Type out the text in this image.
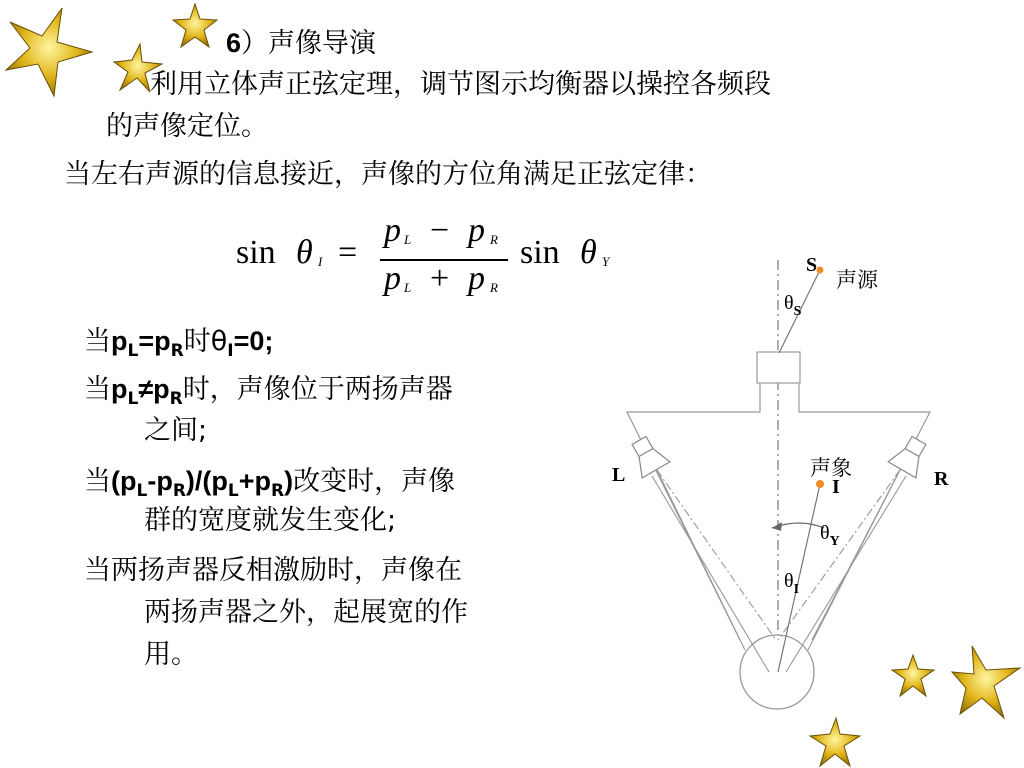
6）声像导演
利用立体声正弦定理，调节图示均衡器以操控各频段
的声像定位。
当左右声源的信息接近，声像的方位角满足正弦定律：
sin θ I =
p L − p R
p L + p R
sin θ Y
当$p_L=p_R$时$\theta_I=0$;
当$p_L\ne p_R$时，声像位于两扬声器
之间;
当$(p_L-p_R)/(p_L+p_R)$改变时，声像
群的宽度就发生变化;
当两扬声器反相激励时，声像在
两扬声器之外，起展宽的作
用。
S
声源
$\theta_S$
L	R
声象
I
$\theta_Y$
$\theta_I$
